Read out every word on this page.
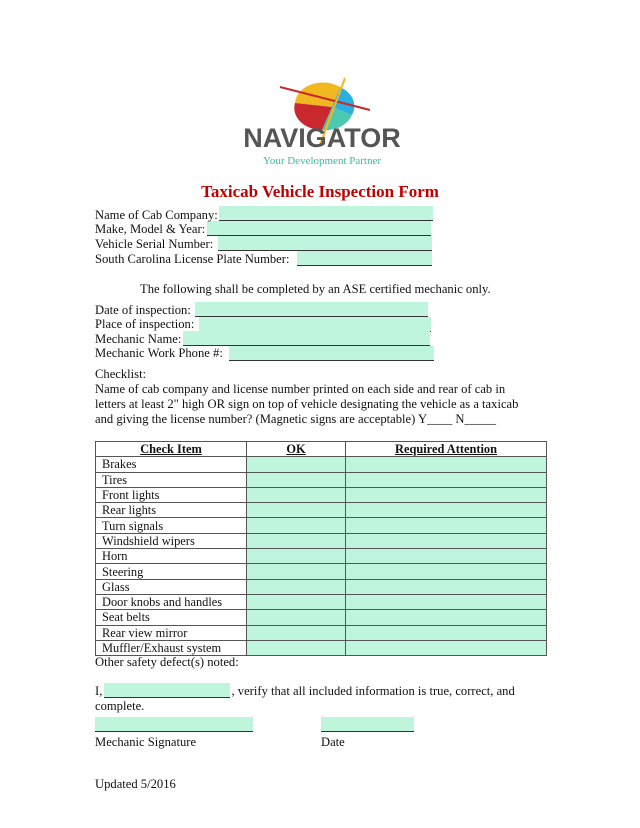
NAVIGATOR
Your Development Partner
Taxicab Vehicle Inspection Form
Name of Cab Company:
Make, Model & Year:
Vehicle Serial Number:
South Carolina License Plate Number:
The following shall be completed by an ASE certified mechanic only.
Date of inspection:
Place of inspection:
Mechanic Name:
Mechanic Work Phone #:
Checklist:
Name of cab company and license number printed on each side and rear of cab in
letters at least 2" high OR sign on top of vehicle designating the vehicle as a taxicab
and giving the license number? (Magnetic signs are acceptable) Y____ N_____
Check Item	OK	Required Attention
Brakes		
Tires		
Front lights		
Rear lights		
Turn signals		
Windshield wipers		
Horn		
Steering		
Glass		
Door knobs and handles		
Seat belts		
Rear view mirror		
Muffler/Exhaust system		
Other safety defect(s) noted:
I,	, verify that all included information is true, correct, and
complete.
Mechanic Signature	Date
Updated 5/2016
